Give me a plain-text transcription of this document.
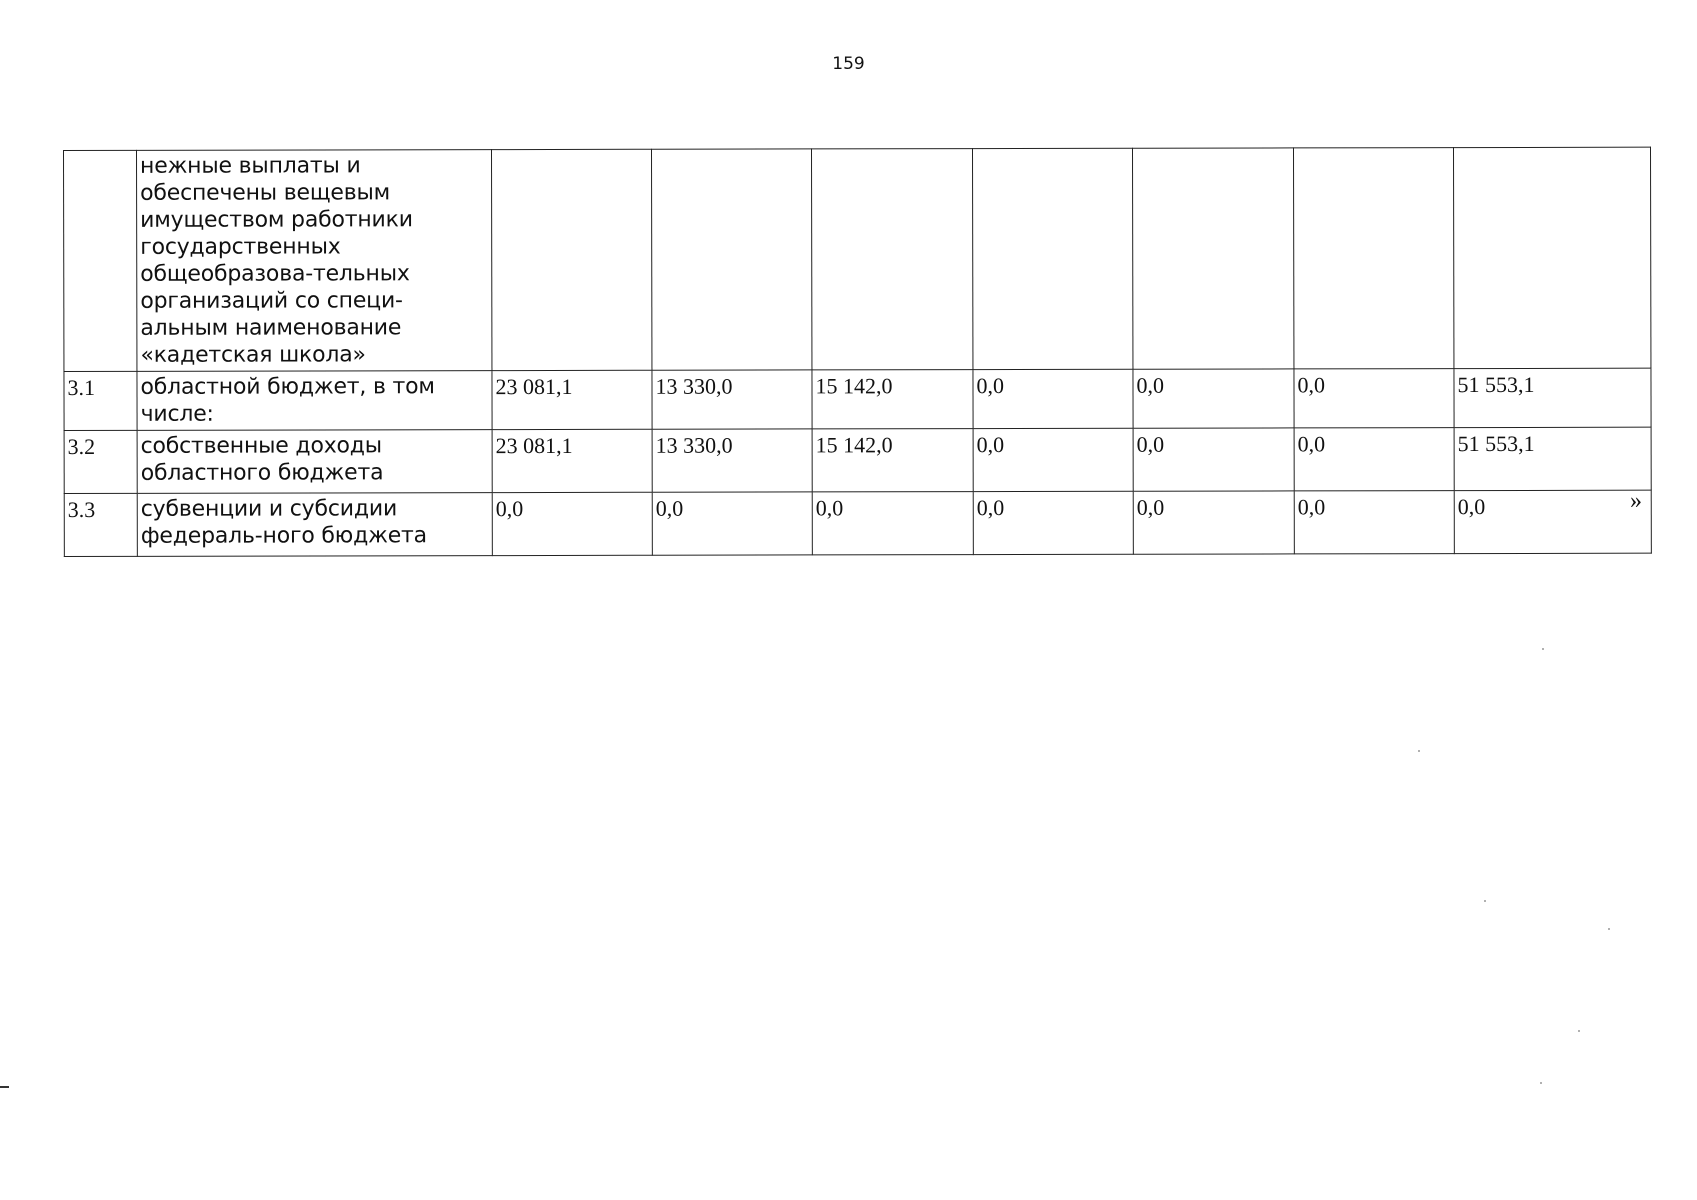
159
	нежные выплаты и обеспечены вещевым имуществом работники государственных общеобразова-тельных организаций со специ-альным наименование «кадетская школа»							
3.1	областной бюджет, в том числе:	23 081,1	13 330,0	15 142,0	0,0	0,0	0,0	51 553,1
3.2	собственные доходы областного бюджета	23 081,1	13 330,0	15 142,0	0,0	0,0	0,0	51 553,1
3.3	субвенции и субсидии федераль-ного бюджета	0,0	0,0	0,0	0,0	0,0	0,0	0,0	»
